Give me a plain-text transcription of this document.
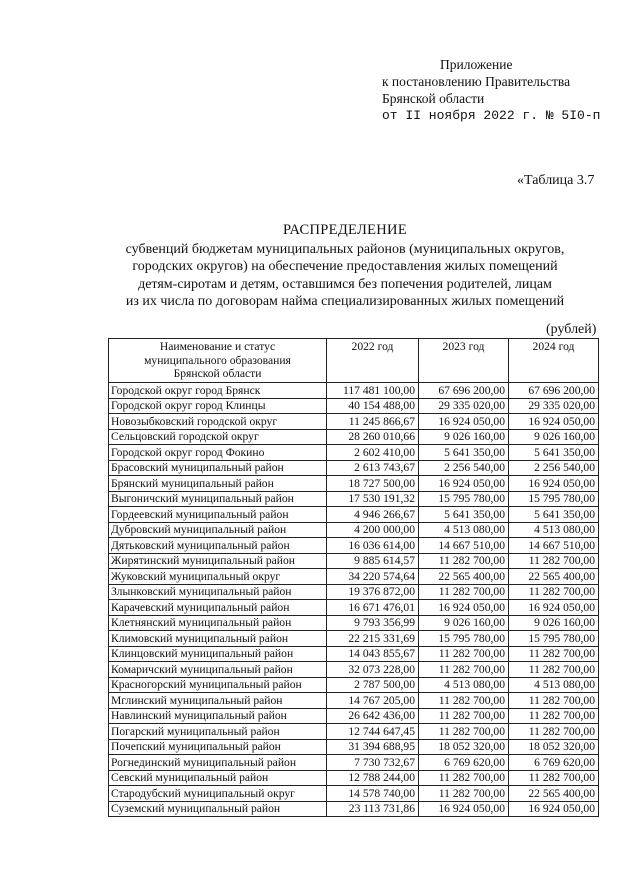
Приложение
к постановлению Правительства
Брянской области
от II ноября 2022 г. № 5I0-п
«Таблица 3.7
РАСПРЕДЕЛЕНИЕ
субвенций бюджетам муниципальных районов (муниципальных округов,
городских округов) на обеспечение предоставления жилых помещений
детям-сиротам и детям, оставшимся без попечения родителей, лицам
из их числа по договорам найма специализированных жилых помещений
(рублей)
Наименование и статус
муниципального образования
Брянской области	2022 год	2023 год	2024 год
Городской округ город Брянск	117 481 100,00	67 696 200,00	67 696 200,00
Городской округ город Клинцы	40 154 488,00	29 335 020,00	29 335 020,00
Новозыбковский городской округ	11 245 866,67	16 924 050,00	16 924 050,00
Сельцовский городской округ	28 260 010,66	9 026 160,00	9 026 160,00
Городской округ город Фокино	2 602 410,00	5 641 350,00	5 641 350,00
Брасовский муниципальный район	2 613 743,67	2 256 540,00	2 256 540,00
Брянский муниципальный район	18 727 500,00	16 924 050,00	16 924 050,00
Выгоничский муниципальный район	17 530 191,32	15 795 780,00	15 795 780,00
Гордеевский муниципальный район	4 946 266,67	5 641 350,00	5 641 350,00
Дубровский муниципальный район	4 200 000,00	4 513 080,00	4 513 080,00
Дятьковский муниципальный район	16 036 614,00	14 667 510,00	14 667 510,00
Жирятинский муниципальный район	9 885 614,57	11 282 700,00	11 282 700,00
Жуковский муниципальный округ	34 220 574,64	22 565 400,00	22 565 400,00
Злынковский муниципальный район	19 376 872,00	11 282 700,00	11 282 700,00
Карачевский муниципальный район	16 671 476,01	16 924 050,00	16 924 050,00
Клетнянский муниципальный район	9 793 356,99	9 026 160,00	9 026 160,00
Климовский муниципальный район	22 215 331,69	15 795 780,00	15 795 780,00
Клинцовский муниципальный район	14 043 855,67	11 282 700,00	11 282 700,00
Комаричский муниципальный район	32 073 228,00	11 282 700,00	11 282 700,00
Красногорский муниципальный район	2 787 500,00	4 513 080,00	4 513 080,00
Мглинский муниципальный район	14 767 205,00	11 282 700,00	11 282 700,00
Навлинский муниципальный район	26 642 436,00	11 282 700,00	11 282 700,00
Погарский муниципальный район	12 744 647,45	11 282 700,00	11 282 700,00
Почепский муниципальный район	31 394 688,95	18 052 320,00	18 052 320,00
Рогнединский муниципальный район	7 730 732,67	6 769 620,00	6 769 620,00
Севский муниципальный район	12 788 244,00	11 282 700,00	11 282 700,00
Стародубский муниципальный округ	14 578 740,00	11 282 700,00	22 565 400,00
Суземский муниципальный район	23 113 731,86	16 924 050,00	16 924 050,00
